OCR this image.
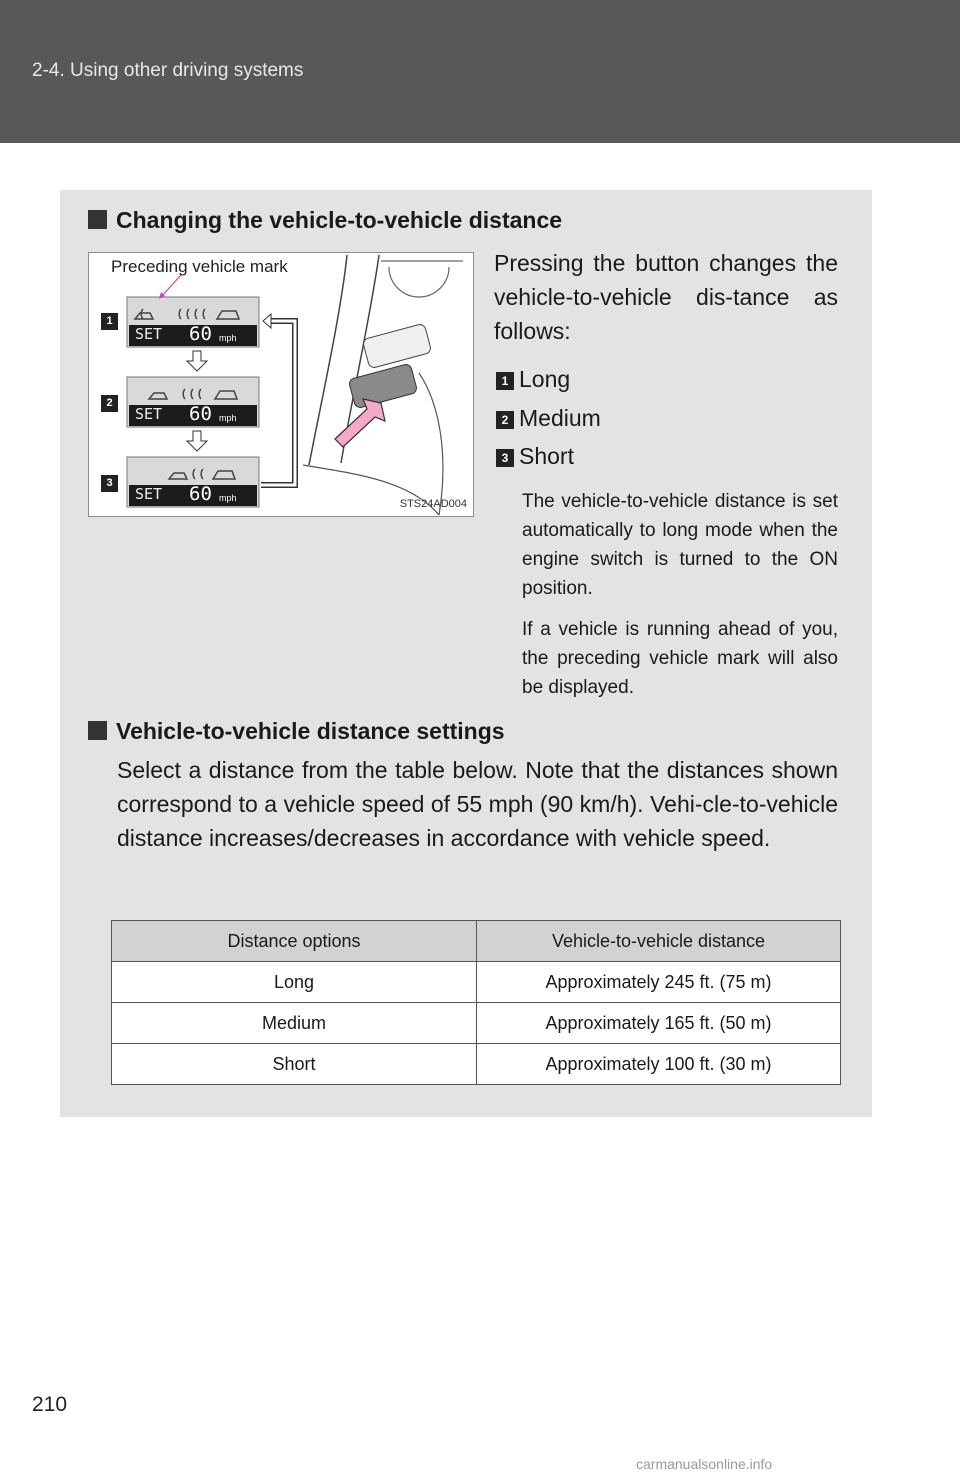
2-4. Using other driving systems
Changing the vehicle-to-vehicle distance
Preceding vehicle mark
1
2
3
SET 60 mph
SET 60 mph
SET 60 mph	STS24AD004
Pressing the button changes the vehicle-to-vehicle dis-tance as follows:
1 Long
2 Medium
3 Short
The vehicle-to-vehicle distance is set automatically to long mode when the engine switch is turned to the ON position.
If a vehicle is running ahead of you, the preceding vehicle mark will also be displayed.
Vehicle-to-vehicle distance settings
Select a distance from the table below. Note that the distances shown correspond to a vehicle speed of 55 mph (90 km/h). Vehi-cle-to-vehicle distance increases/decreases in accordance with vehicle speed.
Distance options	Vehicle-to-vehicle distance
Long	Approximately 245 ft. (75 m)
Medium	Approximately 165 ft. (50 m)
Short	Approximately 100 ft. (30 m)
210
carmanualsonline.info
